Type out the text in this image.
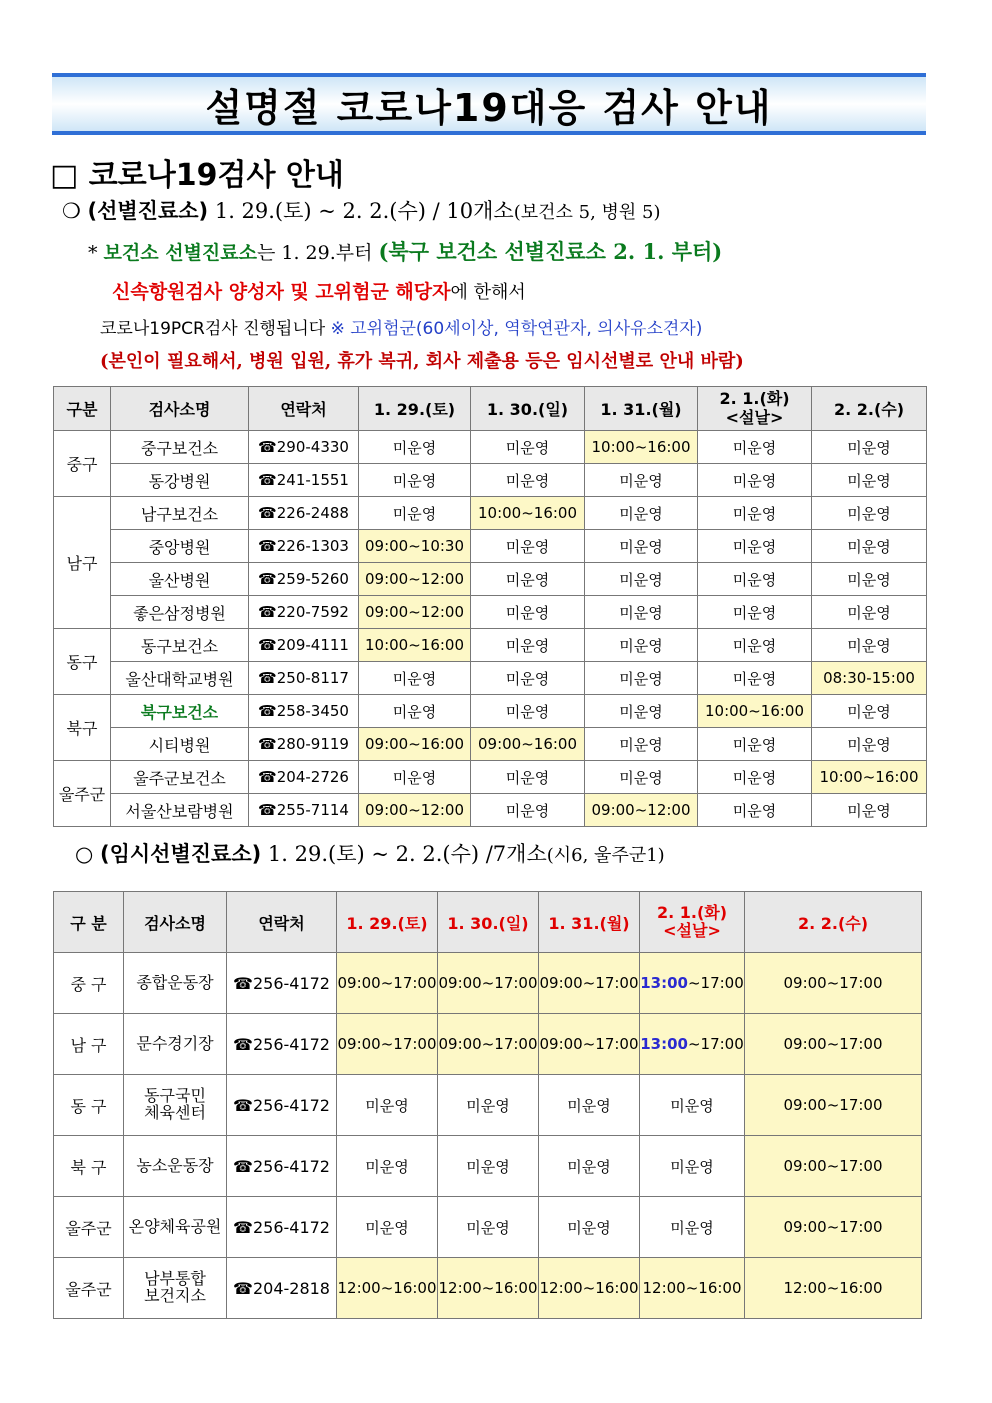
설명절 코로나19대응 검사 안내
□ 코로나19검사 안내
❍ (선별진료소) 1. 29.(토) ~ 2. 2.(수) / 10개소(보건소 5, 병원 5)
* 보건소 선별진료소는 1. 29.부터 (북구 보건소 선별진료소 2. 1. 부터)
신속항원검사 양성자 및 고위험군 해당자에 한해서
코로나19PCR검사 진행됩니다 ※ 고위험군(60세이상, 역학연관자, 의사유소견자)
(본인이 필요해서, 병원 입원, 휴가 복귀, 회사 제출용 등은 임시선별로 안내 바람)
구분	검사소명	연락처	1. 29.(토)	1. 30.(일)	1. 31.(월)	2. 1.(화)
<설날>	2. 2.(수)
중구	중구보건소	☎290-4330	미운영	미운영	10:00~16:00	미운영	미운영
	동강병원	☎241-1551	미운영	미운영	미운영	미운영	미운영
남구	남구보건소	☎226-2488	미운영	10:00~16:00	미운영	미운영	미운영
	중앙병원	☎226-1303	09:00~10:30	미운영	미운영	미운영	미운영
	울산병원	☎259-5260	09:00~12:00	미운영	미운영	미운영	미운영
	좋은삼정병원	☎220-7592	09:00~12:00	미운영	미운영	미운영	미운영
동구	동구보건소	☎209-4111	10:00~16:00	미운영	미운영	미운영	미운영
	울산대학교병원	☎250-8117	미운영	미운영	미운영	미운영	08:30-15:00
북구	북구보건소	☎258-3450	미운영	미운영	미운영	10:00~16:00	미운영
	시티병원	☎280-9119	09:00~16:00	09:00~16:00	미운영	미운영	미운영
울주군	울주군보건소	☎204-2726	미운영	미운영	미운영	미운영	10:00~16:00
	서울산보람병원	☎255-7114	09:00~12:00	미운영	09:00~12:00	미운영	미운영
○ (임시선별진료소) 1. 29.(토) ~ 2. 2.(수) /7개소(시6, 울주군1)
구 분	검사소명	연락처	1. 29.(토)	1. 30.(일)	1. 31.(월)	2. 1.(화)
<설날>	2. 2.(수)
중 구	종합운동장	☎256-4172	09:00~17:00	09:00~17:00	09:00~17:00	13:00~17:00	09:00~17:00
남 구	문수경기장	☎256-4172	09:00~17:00	09:00~17:00	09:00~17:00	13:00~17:00	09:00~17:00
동 구	동구국민
체육센터	☎256-4172	미운영	미운영	미운영	미운영	09:00~17:00
북 구	농소운동장	☎256-4172	미운영	미운영	미운영	미운영	09:00~17:00
울주군	온양체육공원	☎256-4172	미운영	미운영	미운영	미운영	09:00~17:00
울주군	남부통합
보건지소	☎204-2818	12:00~16:00	12:00~16:00	12:00~16:00	12:00~16:00	12:00~16:00
